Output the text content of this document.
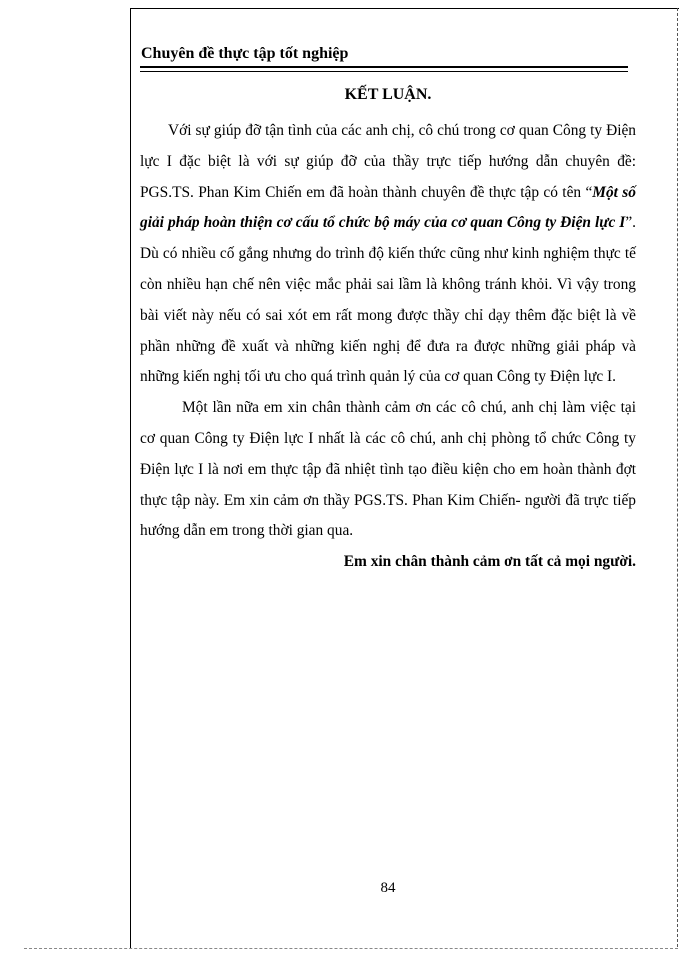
Chuyên đề thực tập tốt nghiệp
KẾT LUẬN.

Với sự giúp đỡ tận tình của các anh chị, cô chú trong cơ quan Công ty Điện lực I đặc biệt là với sự giúp đỡ của thầy trực tiếp hướng dẫn chuyên đề: PGS.TS. Phan Kim Chiến em đã hoàn thành chuyên đề thực tập có tên “Một số giải pháp hoàn thiện cơ cấu tổ chức bộ máy của cơ quan Công ty Điện lực I”. Dù có nhiều cố gắng nhưng do trình độ kiến thức cũng như kinh nghiệm thực tế còn nhiều hạn chế nên việc mắc phải sai lầm là không tránh khỏi. Vì vậy trong bài viết này nếu có sai xót em rất mong được thầy chỉ dạy thêm đặc biệt là về phần những đề xuất và những kiến nghị để đưa ra được những giải pháp và những kiến nghị tối ưu cho quá trình quản lý của cơ quan Công ty Điện lực I.

Một lần nữa em xin chân thành cảm ơn các cô chú, anh chị làm việc tại cơ quan Công ty Điện lực I nhất là các cô chú, anh chị phòng tổ chức Công ty Điện lực I là nơi em thực tập đã nhiệt tình tạo điều kiện cho em hoàn thành đợt thực tập này. Em xin cảm ơn thầy PGS.TS. Phan Kim Chiến- người đã trực tiếp hướng dẫn em trong thời gian qua.

Em xin chân thành cảm ơn tất cả mọi người.

84
